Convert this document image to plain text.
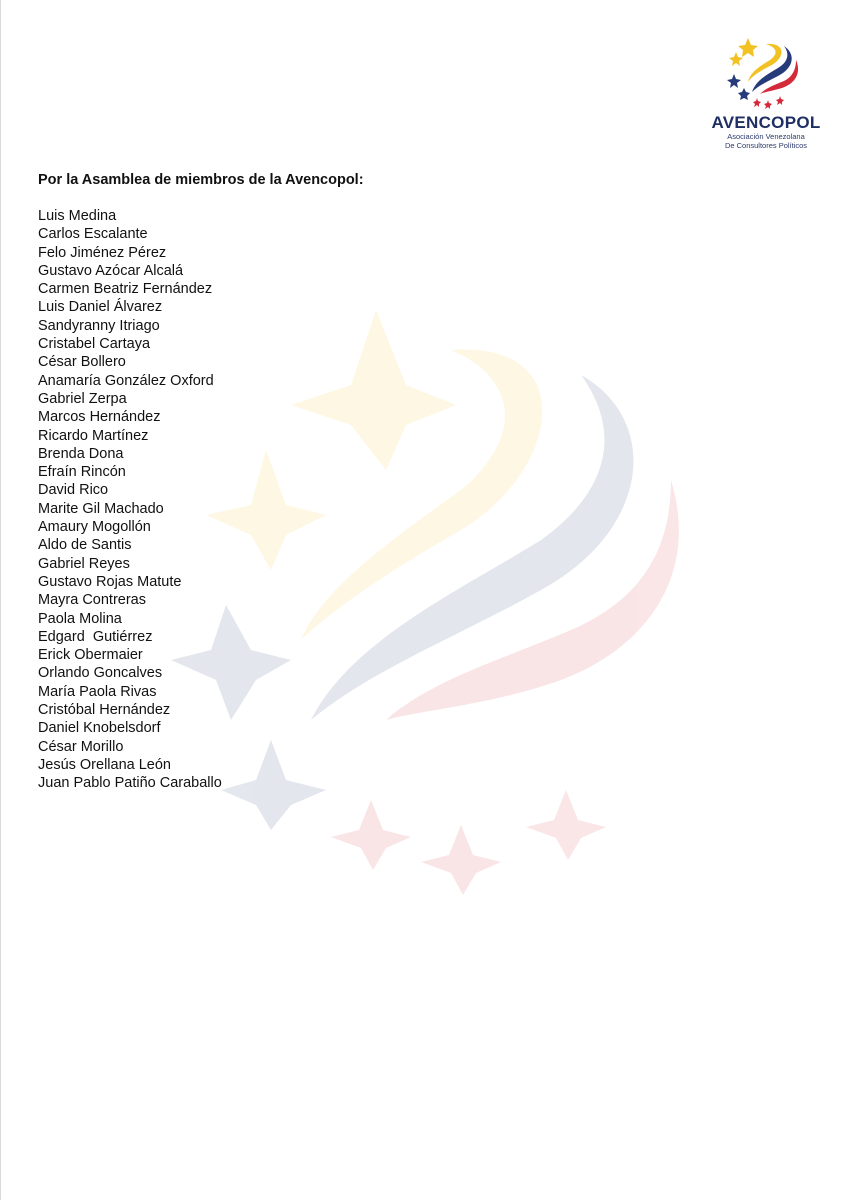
AVENCOPOL
Asociación Venezolana
De Consultores Políticos

Por la Asamblea de miembros de la Avencopol:

Luis Medina
Carlos Escalante
Felo Jiménez Pérez
Gustavo Azócar Alcalá
Carmen Beatriz Fernández
Luis Daniel Álvarez
Sandyranny Itriago
Cristabel Cartaya
César Bollero
Anamaría González Oxford
Gabriel Zerpa
Marcos Hernández
Ricardo Martínez
Brenda Dona
Efraín Rincón
David Rico
Marite Gil Machado
Amaury Mogollón
Aldo de Santis
Gabriel Reyes
Gustavo Rojas Matute
Mayra Contreras
Paola Molina
Edgard  Gutiérrez
Erick Obermaier
Orlando Goncalves
María Paola Rivas
Cristóbal Hernández
Daniel Knobelsdorf
César Morillo
Jesús Orellana León
Juan Pablo Patiño Caraballo
